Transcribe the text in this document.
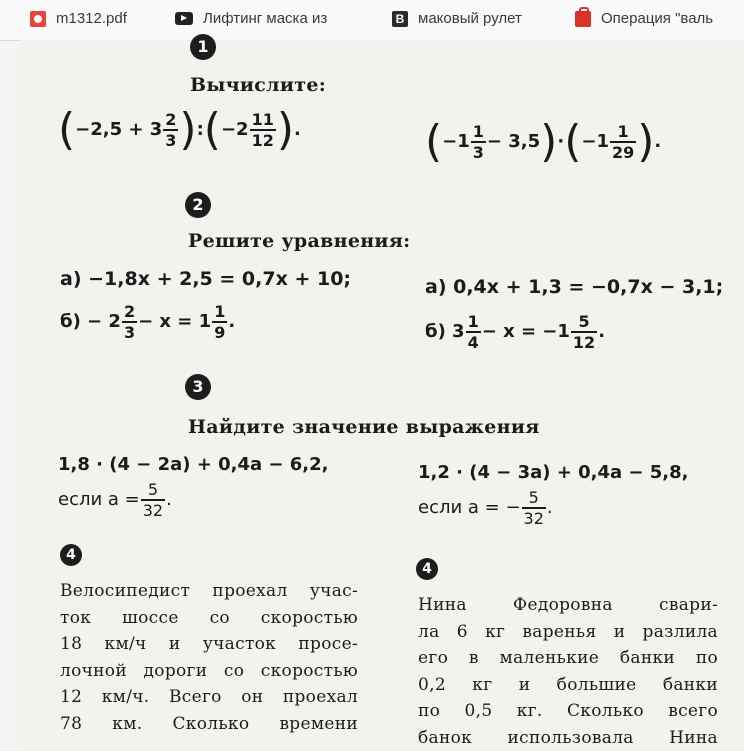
m1312.pdf	Лифтинг маска из	B маковый рулет	Операция "валь
1
Вычислите:
($-2,5 + 3 \frac{2}{3}$ ):(−2 $\frac{11}{12}$ ).	$(-1 \frac{1}{3} - 3,5)\cdot(-1 \frac{1}{29}$ ).
2
Решите уравнения:
а) −1,8x + 2,5 = 0,7x + 10;	а) 0,4x + 1,3 = −0,7x − 3,1;
$б) - 2 \frac{2}{3} - x = 1 \frac{1}{9}$ .	б) $3 \frac{1}{4} - x = -1 \frac{5}{12}$ .
3
Найдите значение выражения
1,8 · (4 − 2a) + 0,4a − 6,2,	1,2 · (4 − 3a) + 0,4a − 5,8,
если $a = \frac{5}{32}$ .	если a = − $\frac{5}{32}$ .
4
Велосипедист проехал учас-
ток шоссе со скоростью
18 км/ч и участок просе-
лочной дороги со скоростью
12 км/ч. Всего он проехал
78 км. Сколько времени
4
Нина Федоровна свари-
ла 6 кг варенья и разлила
его в маленькие банки по
0,2 кг и большие банки
по 0,5 кг. Сколько всего
банок использовала Нина
